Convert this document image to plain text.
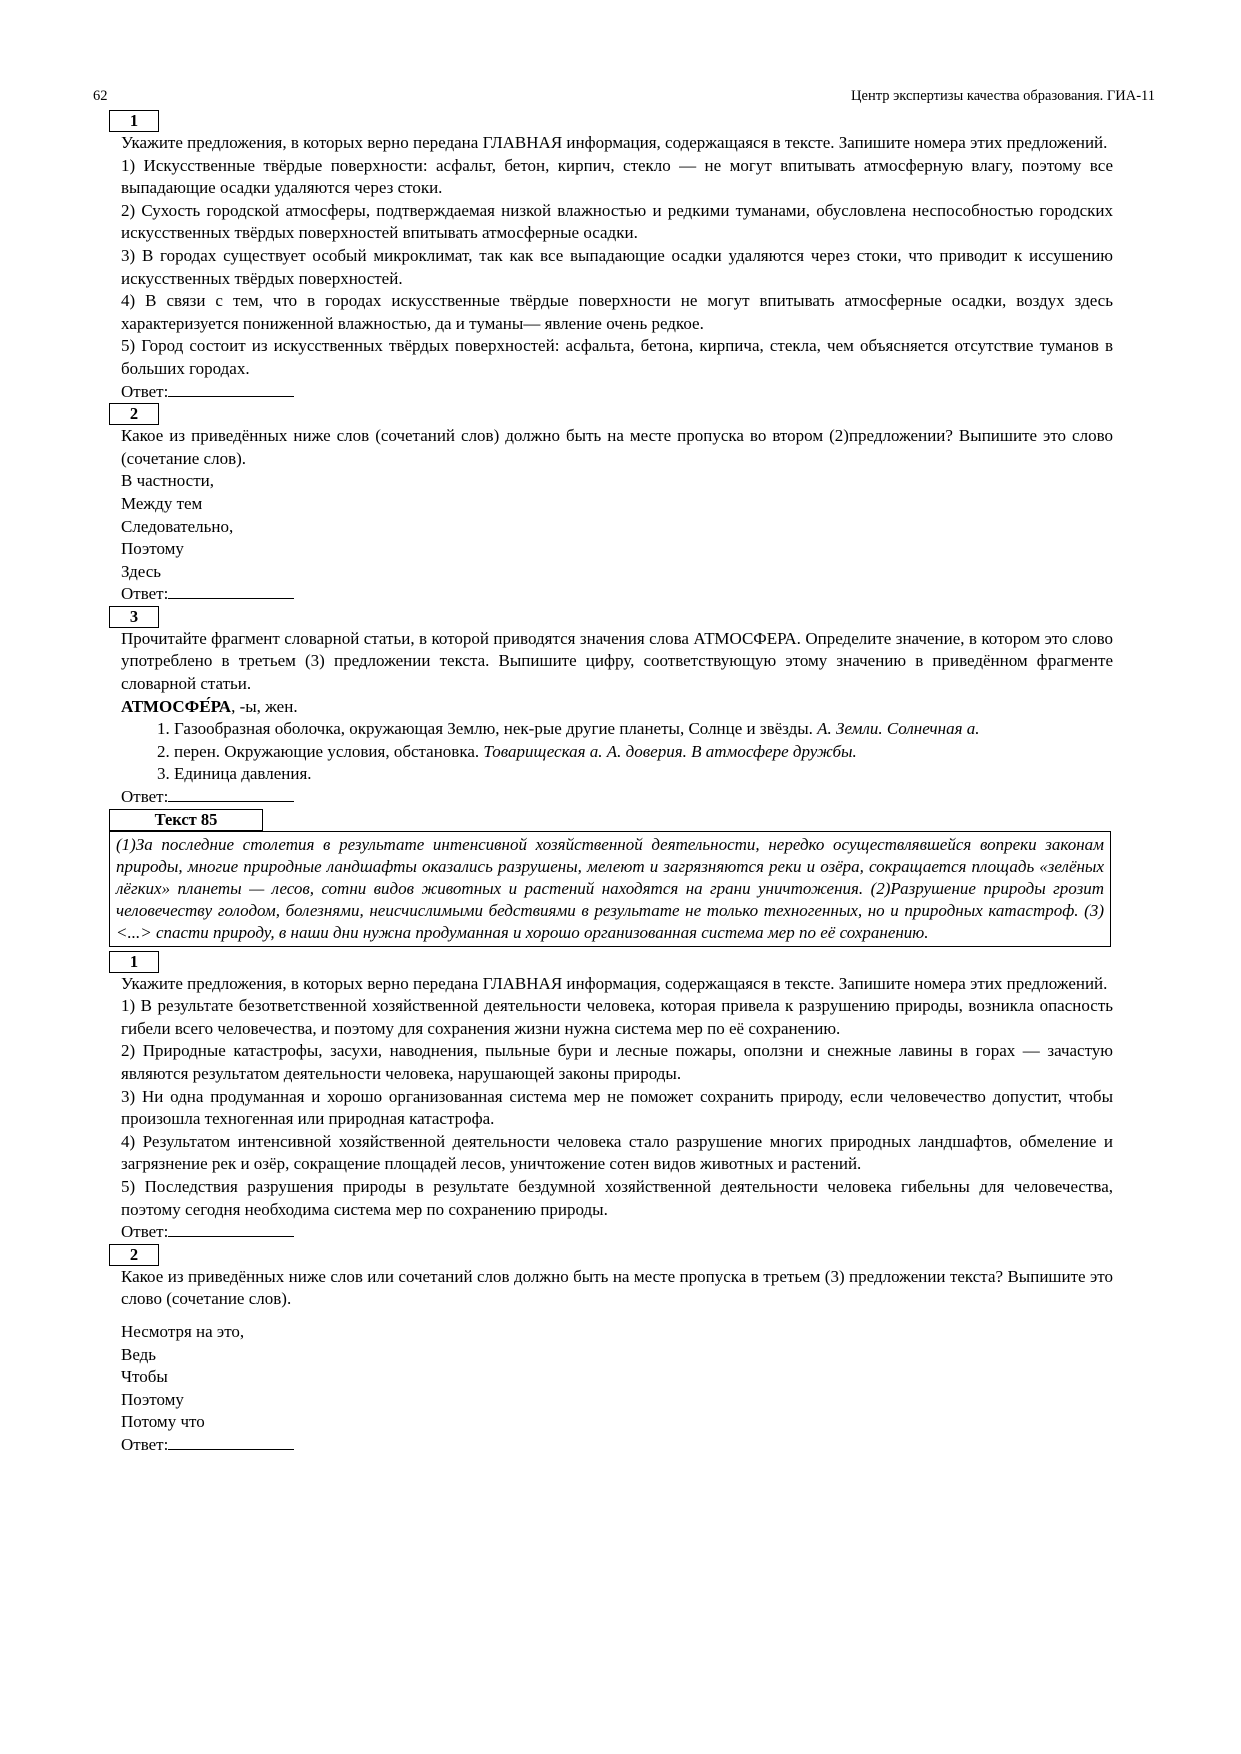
62	Центр экспертизы качества образования. ГИА-11
1

Укажите предложения, в которых верно передана ГЛАВНАЯ информация, содержащаяся в тексте. Запишите номера этих предложений.

1) Искусственные твёрдые поверхности: асфальт, бетон, кирпич, стекло — не могут впитывать атмосферную влагу, поэтому все выпадающие осадки удаляются через стоки.

2) Сухость городской атмосферы, подтверждаемая низкой влажностью и редкими туманами, обусловлена неспособностью городских искусственных твёрдых поверхностей впитывать атмосферные осадки.

3) В городах существует особый микроклимат, так как все выпадающие осадки удаляются через стоки, что приводит к иссушению искусственных твёрдых поверхностей.

4) В связи с тем, что в городах искусственные твёрдые поверхности не могут впитывать атмосферные осадки, воздух здесь характеризуется пониженной влажностью, да и туманы— явление очень редкое.

5) Город состоит из искусственных твёрдых поверхностей: асфальта, бетона, кирпича, стекла, чем объясняется отсутствие туманов в больших городах.

Ответ:

2

Какое из приведённых ниже слов (сочетаний слов) должно быть на месте пропуска во втором (2)предложении? Выпишите это слово (сочетание слов).

В частности,

Между тем

Следовательно,

Поэтому

Здесь

Ответ:

3

Прочитайте фрагмент словарной статьи, в которой приводятся значения слова АТМОСФЕРА. Определите значение, в котором это слово употреблено в третьем (3) предложении текста. Выпишите цифру, соответствующую этому значению в приведённом фрагменте словарной статьи.

АТМОСФЕ́РА, -ы, жен.

1. Газообразная оболочка, окружающая Землю, нек-рые другие планеты, Солнце и звёзды. А. Земли. Солнечная а.

2. перен. Окружающие условия, обстановка. Товарищеская а. А. доверия. В атмосфере дружбы.

3. Единица давления.

Ответ:

Текст 85
(1)За последние столетия в результате интенсивной хозяйственной деятельности, нередко осуществлявшейся вопреки законам природы, многие природные ландшафты оказались разрушены, мелеют и загрязняются реки и озёра, сокращается площадь «зелёных лёгких» планеты — лесов, сотни видов животных и растений находятся на грани уничтожения. (2)Разрушение природы грозит человечеству голодом, болезнями, неисчислимыми бедствиями в результате не только техногенных, но и природных катастроф. (3)<...> спасти природу, в наши дни нужна продуманная и хорошо организованная система мер по её сохранению.
1

Укажите предложения, в которых верно передана ГЛАВНАЯ информация, содержащаяся в тексте. Запишите номера этих предложений.

1) В результате безответственной хозяйственной деятельности человека, которая привела к разрушению природы, возникла опасность гибели всего человечества, и поэтому для сохранения жизни нужна система мер по её сохранению.

2) Природные катастрофы, засухи, наводнения, пыльные бури и лесные пожары, оползни и снежные лавины в горах — зачастую являются результатом деятельности человека, нарушающей законы природы.

3) Ни одна продуманная и хорошо организованная система мер не поможет сохранить природу, если человечество допустит, чтобы произошла техногенная или природная катастрофа.

4) Результатом интенсивной хозяйственной деятельности человека стало разрушение многих природных ландшафтов, обмеление и загрязнение рек и озёр, сокращение площадей лесов, уничтожение сотен видов животных и растений.

5) Последствия разрушения природы в результате бездумной хозяйственной деятельности человека гибельны для человечества, поэтому сегодня необходима система мер по сохранению природы.

Ответ:

2

Какое из приведённых ниже слов или сочетаний слов должно быть на месте пропуска в третьем (3) предложении текста? Выпишите это слово (сочетание слов).

Несмотря на это,

Ведь

Чтобы

Поэтому

Потому что

Ответ:
